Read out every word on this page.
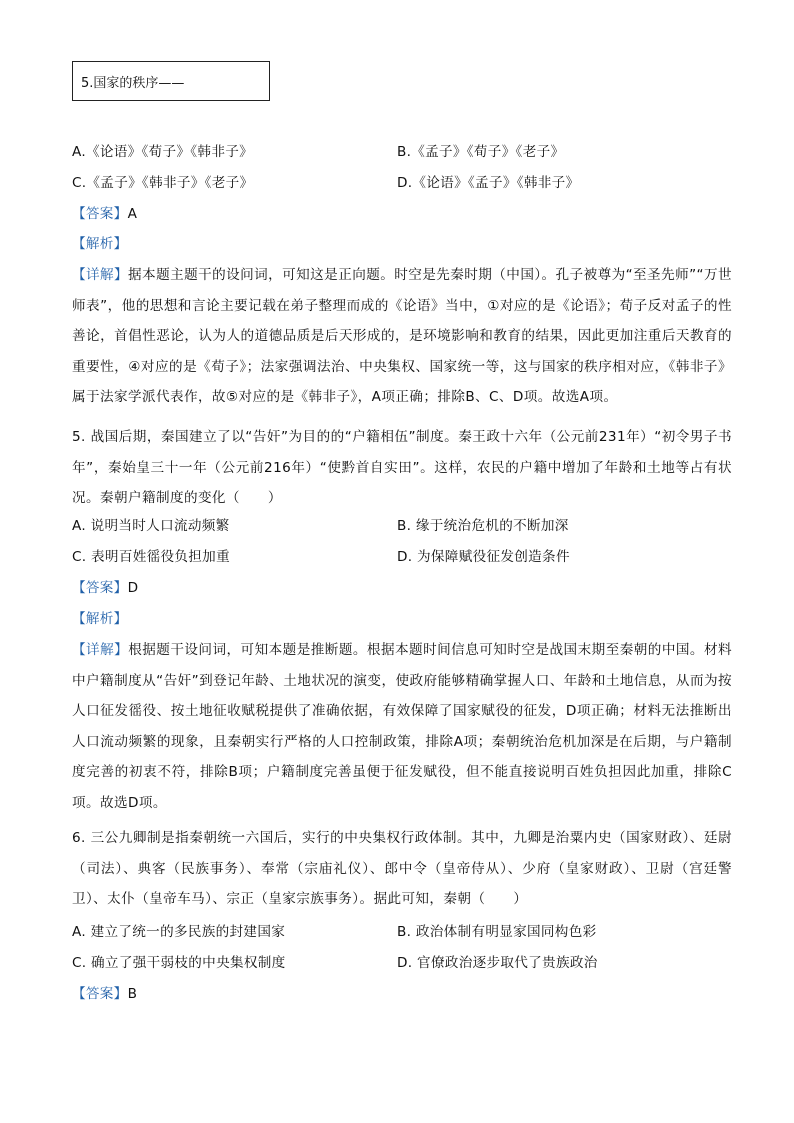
5.国家的秩序——
A.《论语》《荀子》《韩非子》	B.《孟子》《荀子》《老子》
C.《孟子》《韩非子》《老子》	D.《论语》《孟子》《韩非子》
【答案】A
【解析】
【详解】据本题主题干的设问词，可知这是正向题。时空是先秦时期（中国）。孔子被尊为“至圣先师”“万世师表”，他的思想和言论主要记载在弟子整理而成的《论语》当中，①对应的是《论语》；荀子反对孟子的性善论，首倡性恶论，认为人的道德品质是后天形成的，是环境影响和教育的结果，因此更加注重后天教育的重要性，④对应的是《荀子》；法家强调法治、中央集权、国家统一等，这与国家的秩序相对应，《韩非子》属于法家学派代表作，故⑤对应的是《韩非子》，A项正确；排除B、C、D项。故选A项。
5. 战国后期，秦国建立了以“告奸”为目的的“户籍相伍”制度。秦王政十六年（公元前231年）“初令男子书年”，秦始皇三十一年（公元前216年）“使黔首自实田”。这样，农民的户籍中增加了年龄和土地等占有状况。秦朝户籍制度的变化（　　）
A. 说明当时人口流动频繁	B. 缘于统治危机的不断加深
C. 表明百姓徭役负担加重	D. 为保障赋役征发创造条件
【答案】D
【解析】
【详解】根据题干设问词，可知本题是推断题。根据本题时间信息可知时空是战国末期至秦朝的中国。材料中户籍制度从“告奸”到登记年龄、土地状况的演变，使政府能够精确掌握人口、年龄和土地信息，从而为按人口征发徭役、按土地征收赋税提供了准确依据，有效保障了国家赋役的征发，D项正确；材料无法推断出人口流动频繁的现象，且秦朝实行严格的人口控制政策，排除A项；秦朝统治危机加深是在后期，与户籍制度完善的初衷不符，排除B项；户籍制度完善虽便于征发赋役，但不能直接说明百姓负担因此加重，排除C项。故选D项。
6. 三公九卿制是指秦朝统一六国后，实行的中央集权行政体制。其中，九卿是治粟内史（国家财政）、廷尉（司法）、典客（民族事务）、奉常（宗庙礼仪）、郎中令（皇帝侍从）、少府（皇家财政）、卫尉（宫廷警卫）、太仆（皇帝车马）、宗正（皇家宗族事务）。据此可知，秦朝（　　）
A. 建立了统一的多民族的封建国家	B. 政治体制有明显家国同构色彩
C. 确立了强干弱枝的中央集权制度	D. 官僚政治逐步取代了贵族政治
【答案】B
